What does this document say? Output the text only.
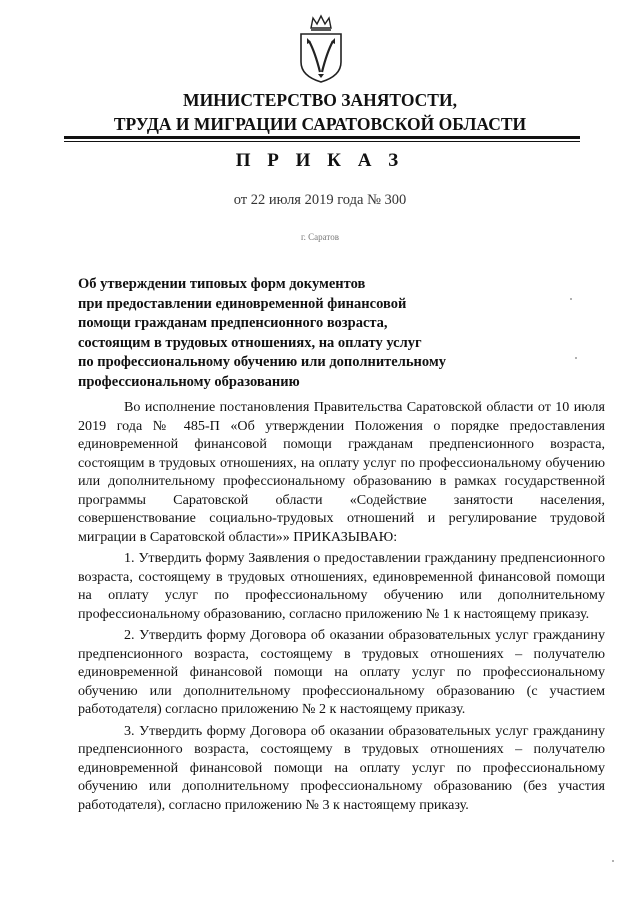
МИНИСТЕРСТВО ЗАНЯТОСТИ,
ТРУДА И МИГРАЦИИ САРАТОВСКОЙ ОБЛАСТИ
П Р И К А З
от 22 июля 2019 года № 300
г. Саратов
Об утверждении типовых форм документов
при предоставлении единовременной финансовой
помощи гражданам предпенсионного возраста,
состоящим в трудовых отношениях, на оплату услуг
по профессиональному обучению или дополнительному
профессиональному образованию

Во исполнение постановления Правительства Саратовской области от 10 июля 2019 года № 485-П «Об утверждении Положения о порядке предоставления единовременной финансовой помощи гражданам предпенсионного возраста, состоящим в трудовых отношениях, на оплату услуг по профессиональному обучению или дополнительному профессиональному образованию в рамках государственной программы Саратовской области «Содействие занятости населения, совершенствование социально-трудовых отношений и регулирование трудовой миграции в Саратовской области»» ПРИКАЗЫВАЮ:

1. Утвердить форму Заявления о предоставлении гражданину предпенсионного возраста, состоящему в трудовых отношениях, единовременной финансовой помощи на оплату услуг по профессиональному обучению или дополнительному профессиональному образованию, согласно приложению № 1 к настоящему приказу.

2. Утвердить форму Договора об оказании образовательных услуг гражданину предпенсионного возраста, состоящему в трудовых отношениях – получателю единовременной финансовой помощи на оплату услуг по профессиональному обучению или дополнительному профессиональному образованию (с участием работодателя) согласно приложению № 2 к настоящему приказу.

3. Утвердить форму Договора об оказании образовательных услуг гражданину предпенсионного возраста, состоящему в трудовых отношениях – получателю единовременной финансовой помощи на оплату услуг по профессиональному обучению или дополнительному профессиональному образованию (без участия работодателя), согласно приложению № 3 к настоящему приказу.
